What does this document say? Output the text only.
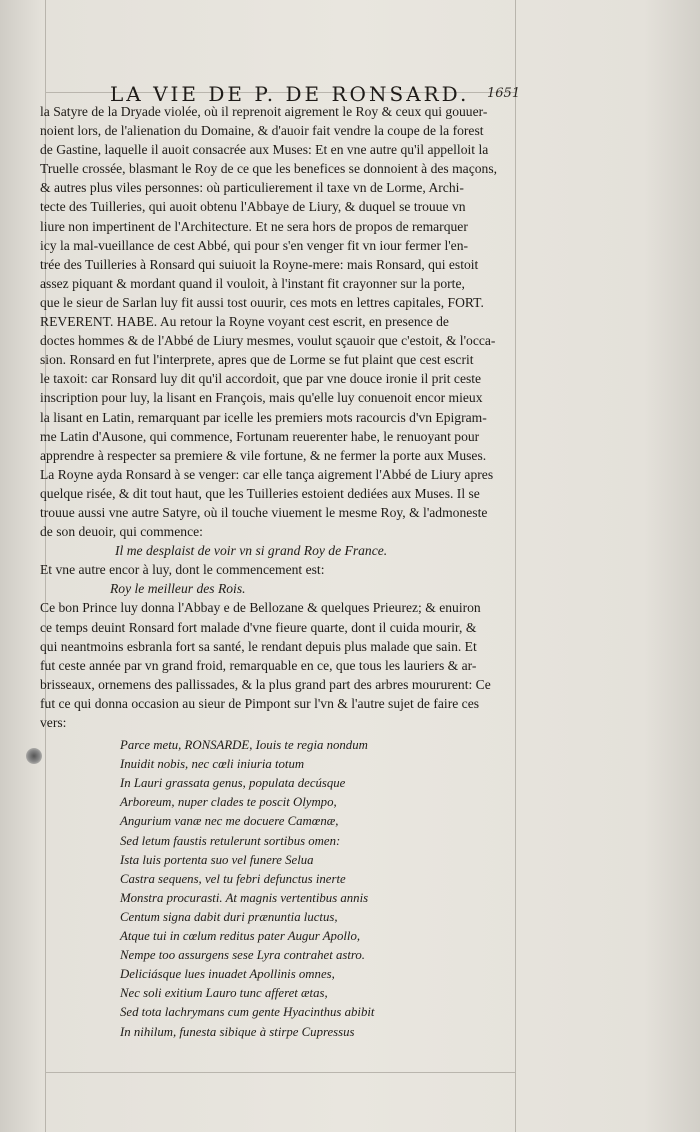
LA VIE DE P. DE RONSARD.	1651
la Satyre de la Dryade violée, où il reprenoit aigrement le Roy & ceux qui gouuer-
noient lors, de l'alienation du Domaine, & d'auoir fait vendre la coupe de la forest
de Gastine, laquelle il auoit consacrée aux Muses: Et en vne autre qu'il appelloit la
Truelle crossée, blasmant le Roy de ce que les benefices se donnoient à des maçons,
& autres plus viles personnes: où particulierement il taxe vn de Lorme, Archi-
tecte des Tuilleries, qui auoit obtenu l'Abbaye de Liury, & duquel se trouue vn
liure non impertinent de l'Architecture. Et ne sera hors de propos de remarquer
icy la mal-vueillance de cest Abbé, qui pour s'en venger fit vn iour fermer l'en-
trée des Tuilleries à Ronsard qui suiuoit la Royne-mere: mais Ronsard, qui estoit
assez piquant & mordant quand il vouloit, à l'instant fit crayonner sur la porte,
que le sieur de Sarlan luy fit aussi tost ouurir, ces mots en lettres capitales, FORT.
REVERENT. HABE. Au retour la Royne voyant cest escrit, en presence de
doctes hommes & de l'Abbé de Liury mesmes, voulut sçauoir que c'estoit, & l'occa-
sion. Ronsard en fut l'interprete, apres que de Lorme se fut plaint que cest escrit
le taxoit: car Ronsard luy dit qu'il accordoit, que par vne douce ironie il prit ceste
inscription pour luy, la lisant en François, mais qu'elle luy conuenoit encor mieux
la lisant en Latin, remarquant par icelle les premiers mots racourcis d'vn Epigram-
me Latin d'Ausone, qui commence, Fortunam reuerenter habe, le renuoyant pour
apprendre à respecter sa premiere & vile fortune, & ne fermer la porte aux Muses.
La Royne ayda Ronsard à se venger: car elle tança aigrement l'Abbé de Liury apres
quelque risée, & dit tout haut, que les Tuilleries estoient dediées aux Muses. Il se
trouue aussi vne autre Satyre, où il touche viuement le mesme Roy, & l'admoneste
de son deuoir, qui commence:
Il me desplaist de voir vn si grand Roy de France.
Et vne autre encor à luy, dont le commencement est:
Roy le meilleur des Rois.
Ce bon Prince luy donna l'Abbay e de Bellozane & quelques Prieurez; & enuiron
ce temps deuint Ronsard fort malade d'vne fieure quarte, dont il cuida mourir, &
qui neantmoins esbranla fort sa santé, le rendant depuis plus malade que sain. Et
fut ceste année par vn grand froid, remarquable en ce, que tous les lauriers & ar-
brisseaux, ornemens des pallissades, & la plus grand part des arbres moururent: Ce
fut ce qui donna occasion au sieur de Pimpont sur l'vn & l'autre sujet de faire ces
vers:
Parce metu, RONSARDE, Iouis te regia nondum
Inuidit nobis, nec cœli iniuria totum
In Lauri grassata genus, populata decúsque
Arboreum, nuper clades te poscit Olympo,
Angurium vanæ nec me docuere Camœnæ,
Sed letum faustis retulerunt sortibus omen:
Ista luis portenta suo vel funere Selua
Castra sequens, vel tu febri defunctus inerte
Monstra procurasti. At magnis vertentibus annis
Centum signa dabit duri prænuntia luctus,
Atque tui in cœlum reditus pater Augur Apollo,
Nempe too assurgens sese Lyra contrahet astro.
Deliciásque lues inuadet Apollinis omnes,
Nec soli exitium Lauro tunc afferet ætas,
Sed tota lachrymans cum gente Hyacinthus abibit
In nihilum, funesta sibique à stirpe Cupressus
